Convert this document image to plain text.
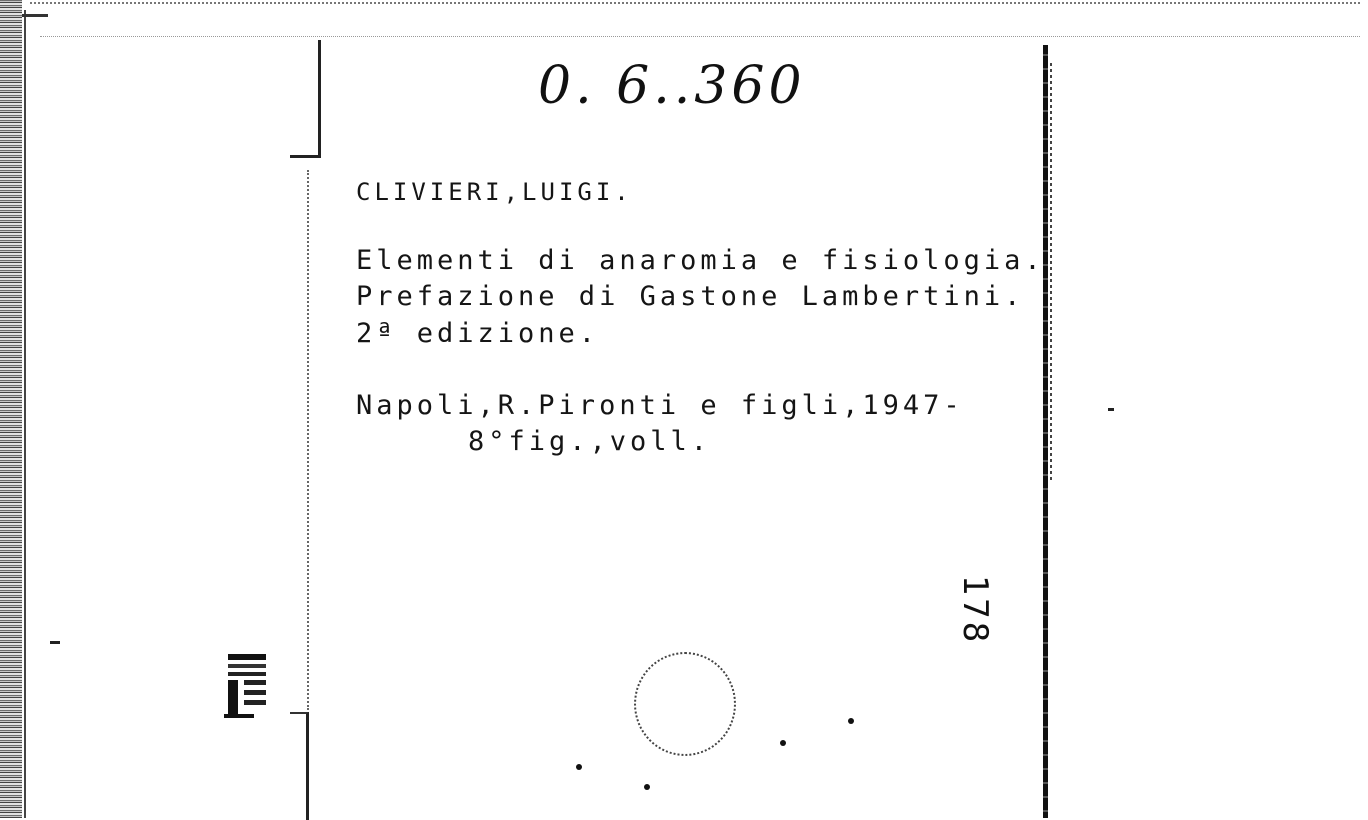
0. 6..360
CLIVIERI,LUIGI.
Elementi di anaromia e fisiologia.
Prefazione di Gastone Lambertini.
2ª edizione.
Napoli,R.Pironti e figli,1947-
8°fig.,voll.
178
